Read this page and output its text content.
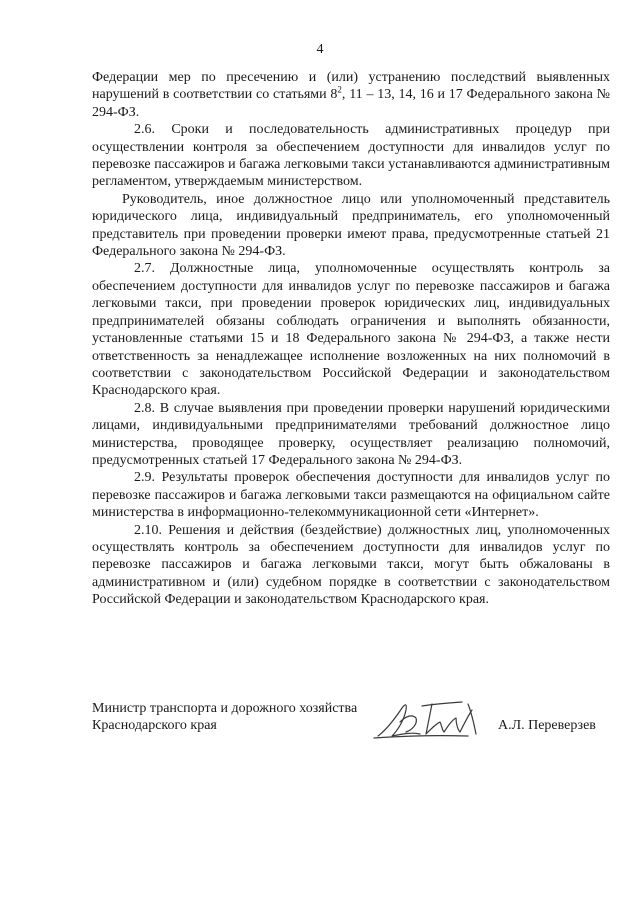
4

Федерации мер по пресечению и (или) устранению последствий выявленных нарушений в соответствии со статьями $8^2$, 11 – 13, 14, 16 и 17 Федерального закона № 294-ФЗ.

2.6. Сроки и последовательность административных процедур при осуществлении контроля за обеспечением доступности для инвалидов услуг по перевозке пассажиров и багажа легковыми такси устанавливаются административным регламентом, утверждаемым министерством.

Руководитель, иное должностное лицо или уполномоченный представитель юридического лица, индивидуальный предприниматель, его уполномоченный представитель при проведении проверки имеют права, предусмотренные статьей 21 Федерального закона № 294-ФЗ.

2.7. Должностные лица, уполномоченные осуществлять контроль за обеспечением доступности для инвалидов услуг по перевозке пассажиров и багажа легковыми такси, при проведении проверок юридических лиц, индивидуальных предпринимателей обязаны соблюдать ограничения и выполнять обязанности, установленные статьями 15 и 18 Федерального закона № 294-ФЗ, а также нести ответственность за ненадлежащее исполнение возложенных на них полномочий в соответствии с законодательством Российской Федерации и законодательством Краснодарского края.

2.8. В случае выявления при проведении проверки нарушений юридическими лицами, индивидуальными предпринимателями требований должностное лицо министерства, проводящее проверку, осуществляет реализацию полномочий, предусмотренных статьей 17 Федерального закона № 294-ФЗ.

2.9. Результаты проверок обеспечения доступности для инвалидов услуг по перевозке пассажиров и багажа легковыми такси размещаются на официальном сайте министерства в информационно-телекоммуникационной сети «Интернет».

2.10. Решения и действия (бездействие) должностных лиц, уполномоченных осуществлять контроль за обеспечением доступности для инвалидов услуг по перевозке пассажиров и багажа легковыми такси, могут быть обжалованы в административном и (или) судебном порядке в соответствии с законодательством Российской Федерации и законодательством Краснодарского края.

Министр транспорта и дорожного хозяйства
Краснодарского края	А.Л. Переверзев
